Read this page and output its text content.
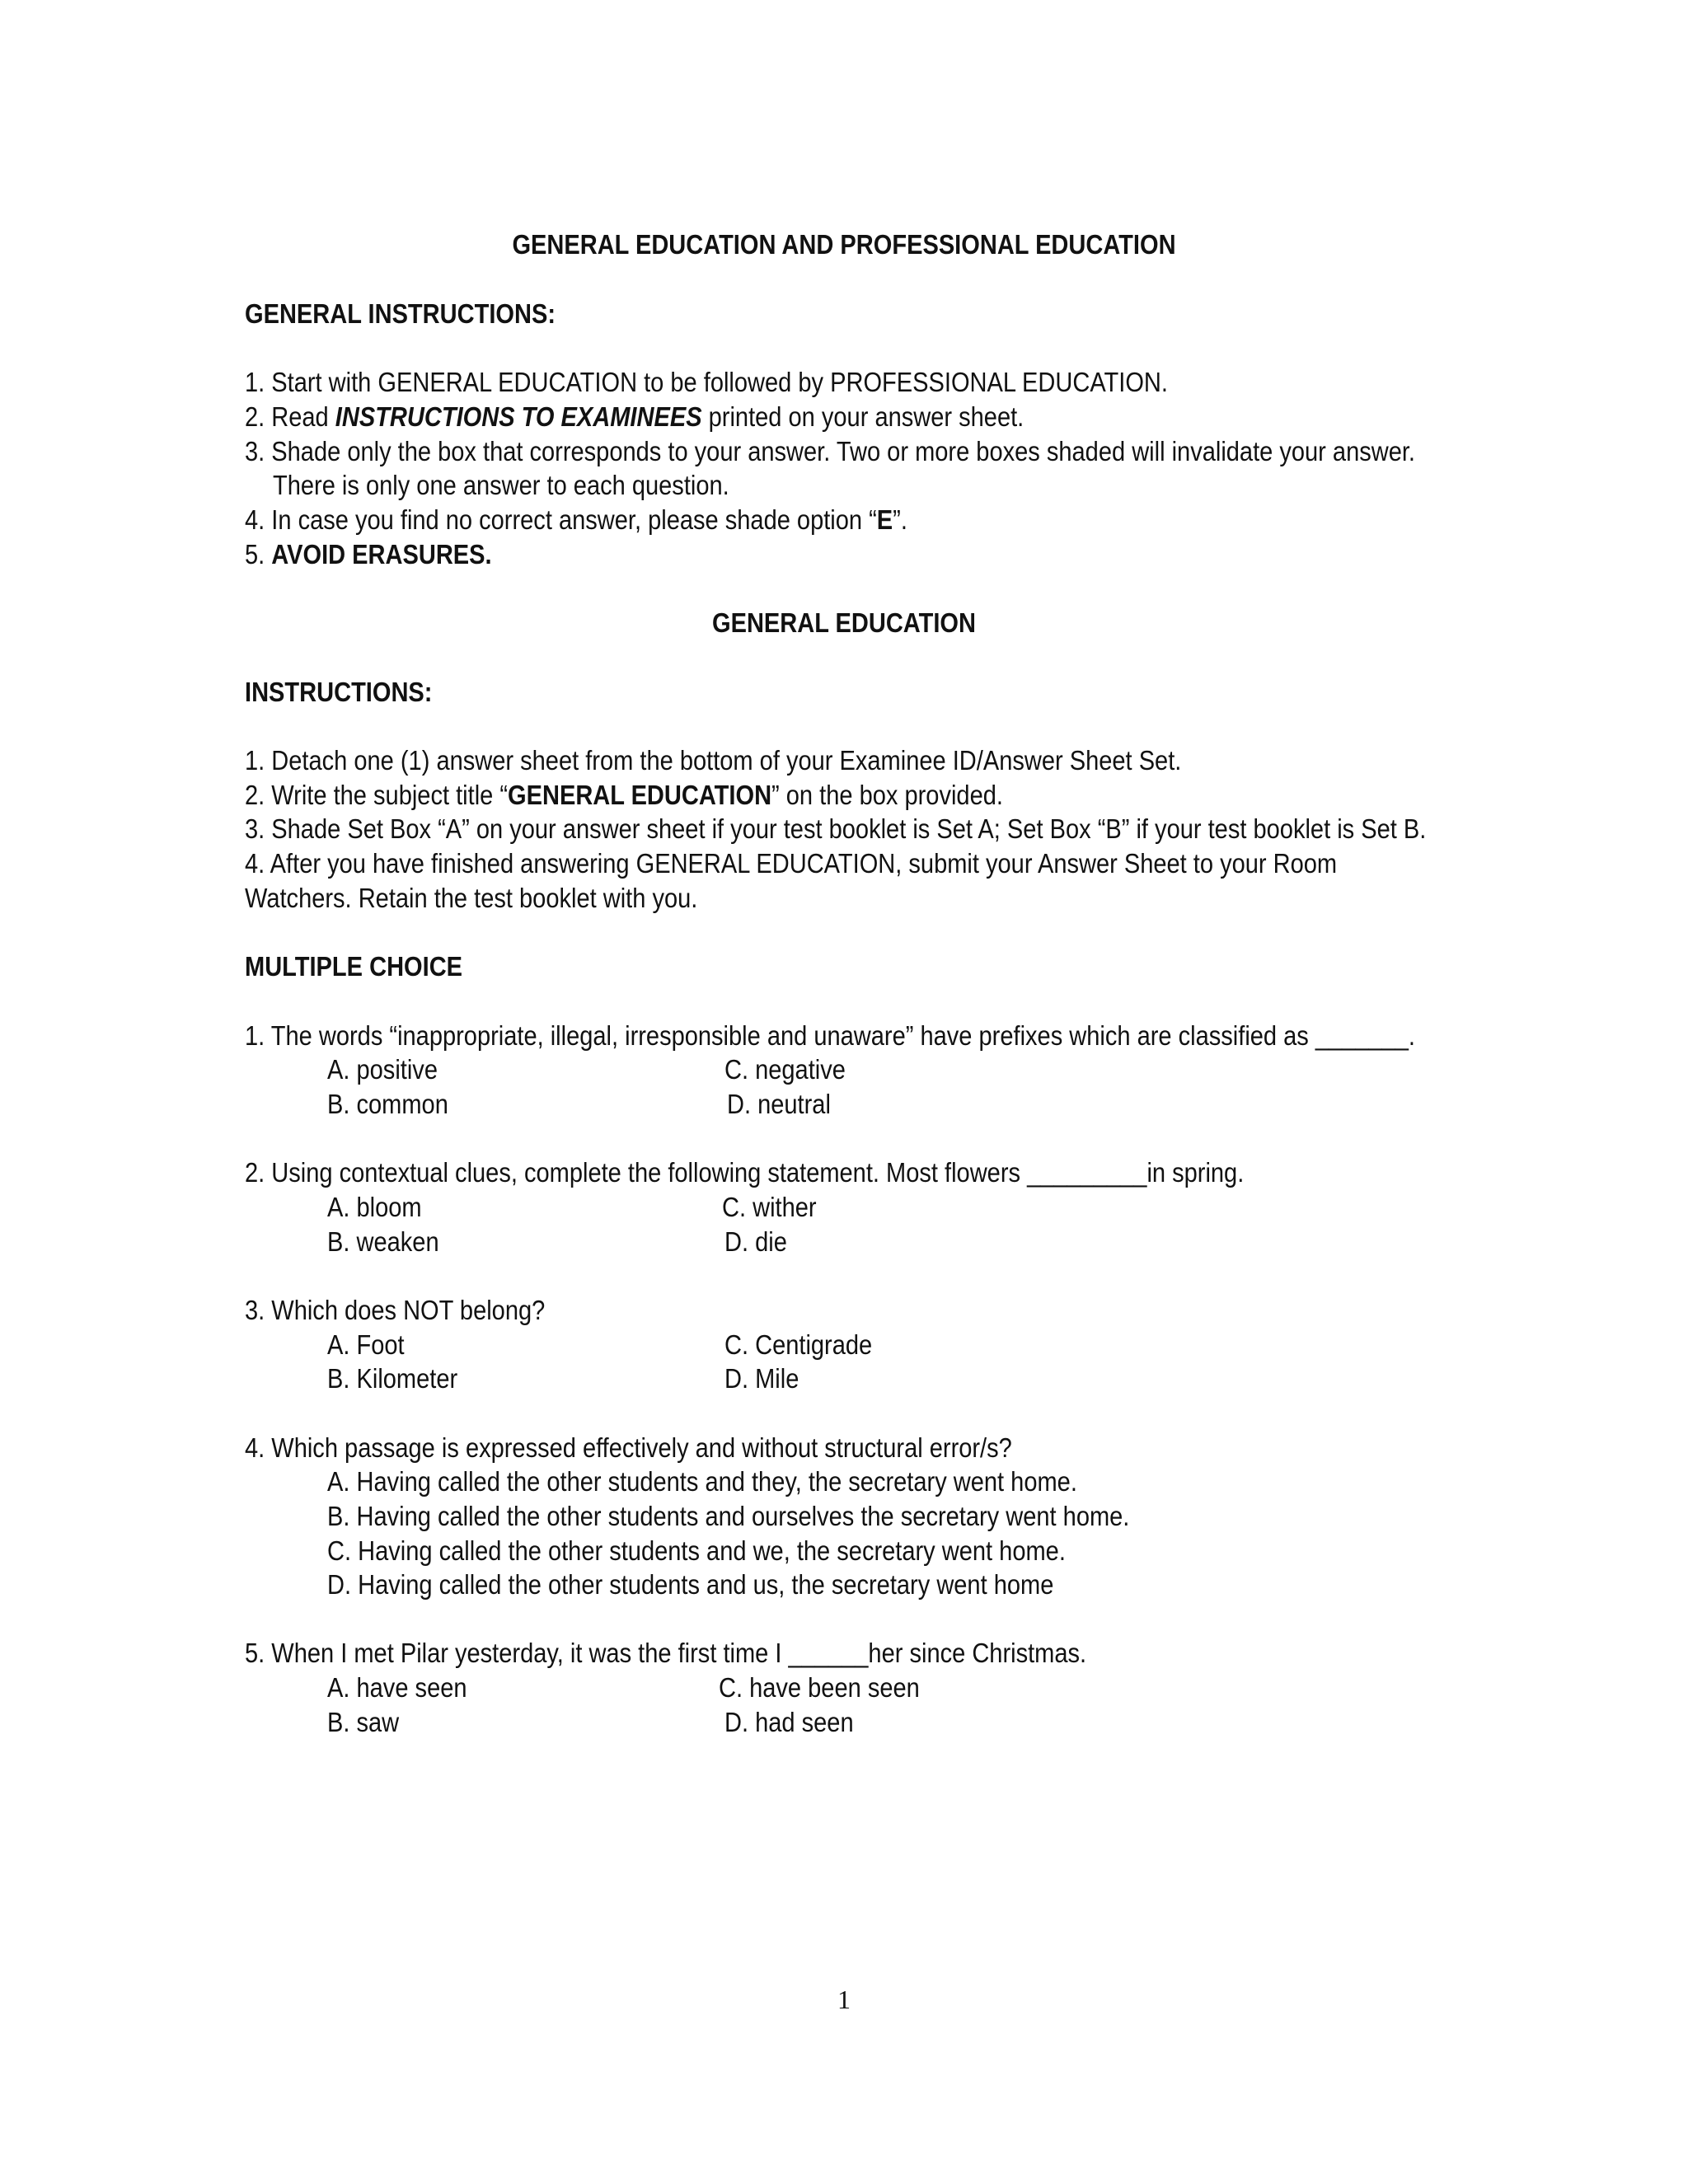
GENERAL EDUCATION AND PROFESSIONAL EDUCATION
GENERAL INSTRUCTIONS:
1. Start with GENERAL EDUCATION to be followed by PROFESSIONAL EDUCATION.
2. Read INSTRUCTIONS TO EXAMINEES printed on your answer sheet.
3. Shade only the box that corresponds to your answer. Two or more boxes shaded will invalidate your answer.
There is only one answer to each question.
4. In case you find no correct answer, please shade option “E”.
5. AVOID ERASURES.
GENERAL EDUCATION
INSTRUCTIONS:
1. Detach one (1) answer sheet from the bottom of your Examinee ID/Answer Sheet Set.
2. Write the subject title “GENERAL EDUCATION” on the box provided.
3. Shade Set Box “A” on your answer sheet if your test booklet is Set A; Set Box “B” if your test booklet is Set B.
4. After you have finished answering GENERAL EDUCATION, submit your Answer Sheet to your Room
Watchers. Retain the test booklet with you.
MULTIPLE CHOICE
1. The words “inappropriate, illegal, irresponsible and unaware” have prefixes which are classified as _______.
A. positive	C. negative
B. common	D. neutral
2. Using contextual clues, complete the following statement. Most flowers _________in spring.
A. bloom	C. wither
B. weaken	D. die
3. Which does NOT belong?
A. Foot	C. Centigrade
B. Kilometer	D. Mile
4. Which passage is expressed effectively and without structural error/s?
A. Having called the other students and they, the secretary went home.
B. Having called the other students and ourselves the secretary went home.
C. Having called the other students and we, the secretary went home.
D. Having called the other students and us, the secretary went home
5. When I met Pilar yesterday, it was the first time I ______her since Christmas.
A. have seen	C. have been seen
B. saw	D. had seen
1
